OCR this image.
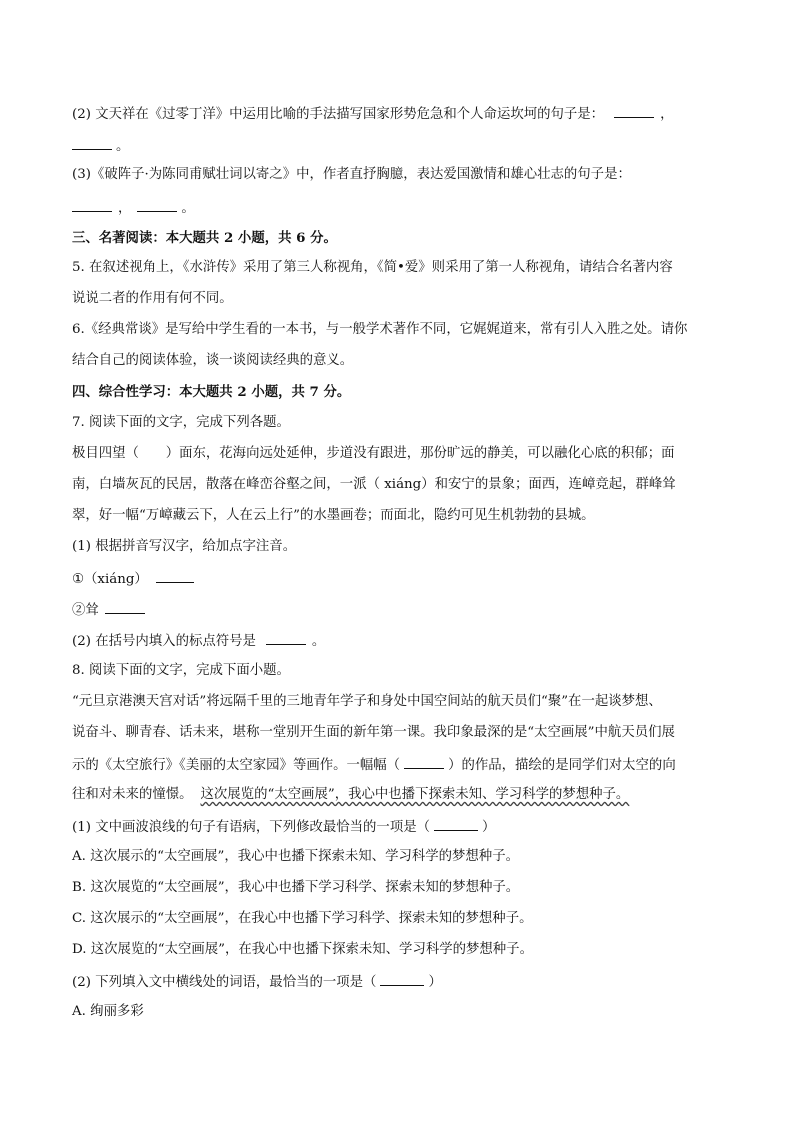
(2) 文天祥在《过零丁洋》中运用比喻的手法描写国家形势危急和个人命运坎坷的句子是：	，
。
(3)《破阵子·为陈同甫赋壮词以寄之》中，作者直抒胸臆，表达爱国激情和雄心壮志的句子是：
，	。
三、名著阅读：本大题共 2 小题，共 6 分。
5. 在叙述视角上，《水浒传》采用了第三人称视角，《简•爱》则采用了第一人称视角，请结合名著内容
说说二者的作用有何不同。
6.《经典常谈》是写给中学生看的一本书，与一般学术著作不同，它娓娓道来，常有引人入胜之处。请你
结合自己的阅读体验，谈一谈阅读经典的意义。
四、综合性学习：本大题共 2 小题，共 7 分。
7. 阅读下面的文字，完成下列各题。
极目四望（　　）面东，花海向远处延伸，步道没有跟进，那份旷远的静美，可以融化心底的积郁；面
南，白墙灰瓦的民居，散落在峰峦谷壑之间，一派（ xiáng）和安宁的景象；面西，连嶂竞起，群峰耸
翠，好一幅“万嶂藏云下，人在云上行”的水墨画卷；而面北，隐约可见生机勃勃的县城。
(1) 根据拼音写汉字，给加点字注音。
①（xiáng）
②耸
(2) 在括号内填入的标点符号是	。
8. 阅读下面的文字，完成下面小题。
“元旦京港澳天宫对话”将远隔千里的三地青年学子和身处中国空间站的航天员们“聚”在一起谈梦想、
说奋斗、聊青春、话未来，堪称一堂别开生面的新年第一课。我印象最深的是“太空画展”中航天员们展
示的《太空旅行》《美丽的太空家园》等画作。一幅幅（	）的作品，描绘的是同学们对太空的向
往和对未来的憧憬。 这次展览的“太空画展”，我心中也播下探索未知、学习科学的梦想种子。
(1) 文中画波浪线的句子有语病，下列修改最恰当的一项是（	）
A. 这次展示的“太空画展”，我心中也播下探索未知、学习科学的梦想种子。
B. 这次展览的“太空画展”，我心中也播下学习科学、探索未知的梦想种子。
C. 这次展示的“太空画展”，在我心中也播下学习科学、探索未知的梦想种子。
D. 这次展览的“太空画展”，在我心中也播下探索未知、学习科学的梦想种子。
(2) 下列填入文中横线处的词语，最恰当的一项是（	）
A. 绚丽多彩
